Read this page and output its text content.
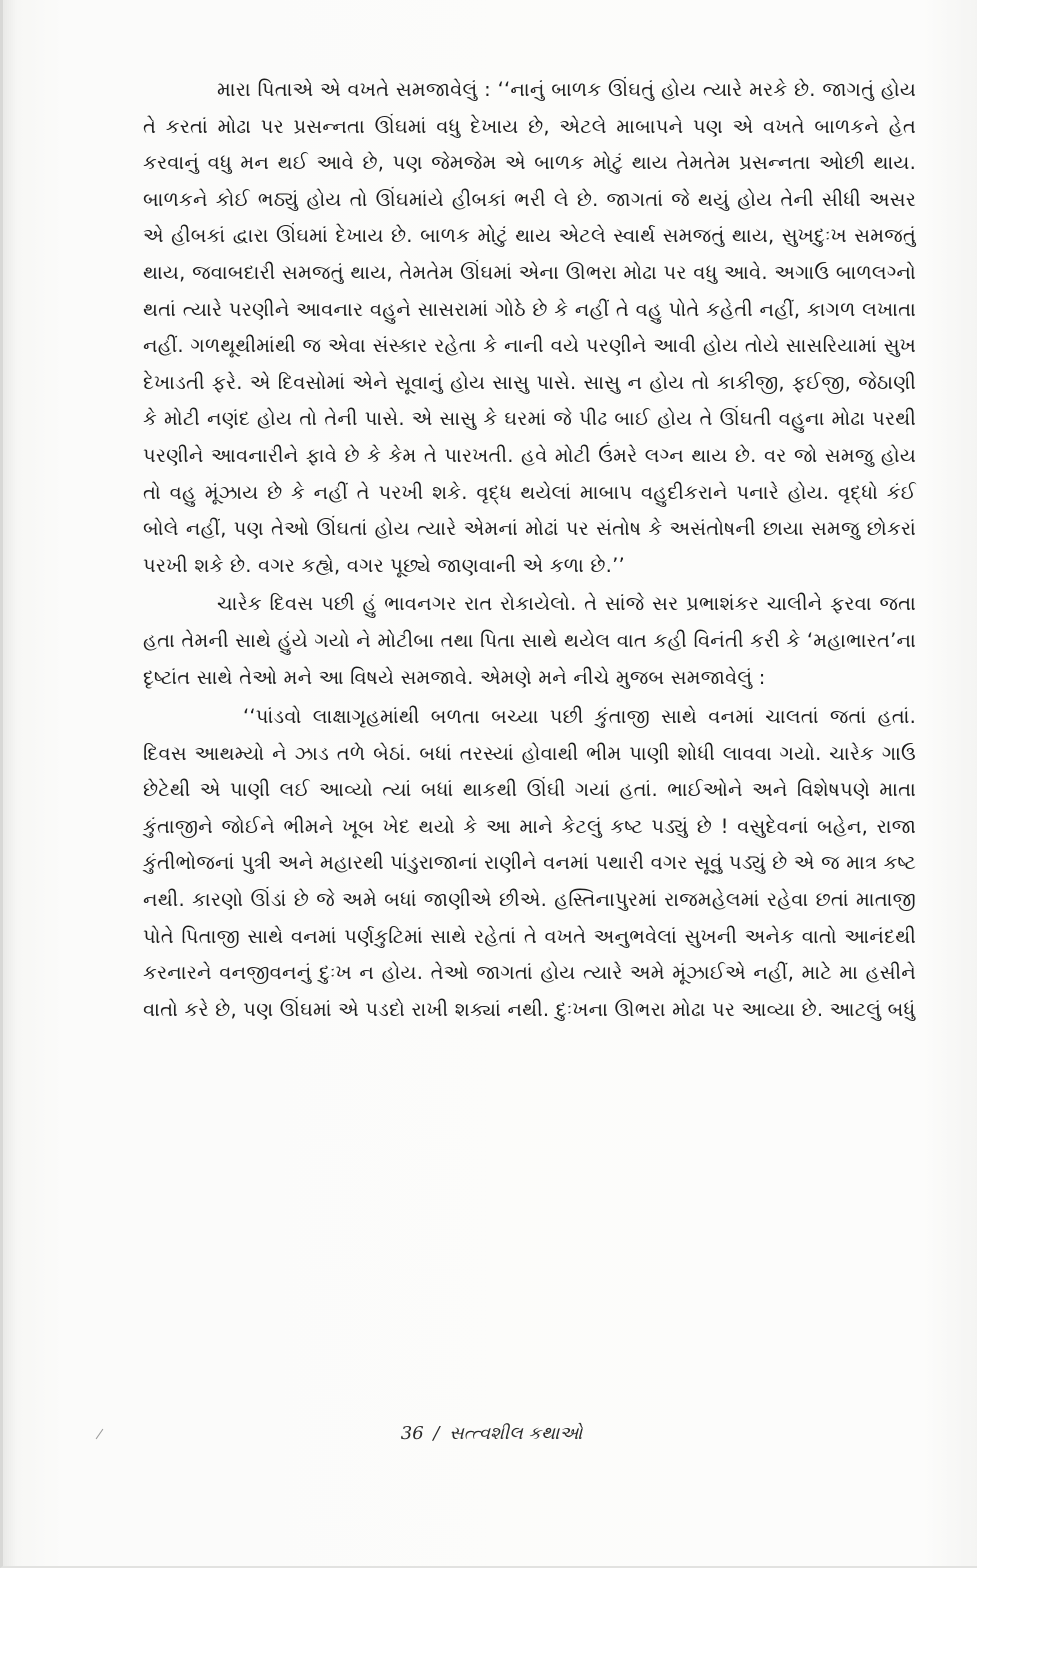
મારા પિતાએ એ વખતે સમજાવેલું : ‘‘નાનું બાળક ઊંઘતું હોય ત્યારે મરકે છે. જાગતું હોય તે કરતાં મોઢા પર પ્રસન્નતા ઊંઘમાં વધુ દેખાય છે, એટલે માબાપને પણ એ વખતે બાળકને હેત કરવાનું વધુ મન થઈ આવે છે, પણ જેમજેમ એ બાળક મોટું થાય તેમતેમ પ્રસન્નતા ઓછી થાય. બાળકને કોઈ ભઠ્યું હોય તો ઊંઘમાંયે હીબકાં ભરી લે છે. જાગતાં જે થયું હોય તેની સીધી અસર એ હીબકાં દ્વારા ઊંઘમાં દેખાય છે. બાળક મોટું થાય એટલે સ્વાર્થ સમજતું થાય, સુખદુઃખ સમજતું થાય, જવાબદારી સમજતું થાય, તેમતેમ ઊંઘમાં એના ઊભરા મોઢા પર વધુ આવે. અગાઉ બાળલગ્નો થતાં ત્યારે પરણીને આવનાર વહુને સાસરામાં ગોઠે છે કે નહીં તે વહુ પોતે કહેતી નહીં, કાગળ લખાતા નહીં. ગળથૂથીમાંથી જ એવા સંસ્કાર રહેતા કે નાની વયે પરણીને આવી હોય તોયે સાસરિયામાં સુખ દેખાડતી ફરે. એ દિવસોમાં એને સૂવાનું હોય સાસુ પાસે. સાસુ ન હોય તો કાકીજી, ફઈજી, જેઠાણી કે મોટી નણંદ હોય તો તેની પાસે. એ સાસુ કે ઘરમાં જે પીઢ બાઈ હોય તે ઊંઘતી વહુના મોઢા પરથી પરણીને આવનારીને ફાવે છે કે કેમ તે પારખતી. હવે મોટી ઉંમરે લગ્ન થાય છે. વર જો સમજુ હોય તો વહુ મૂંઝાય છે કે નહીં તે પરખી શકે. વૃદ્ધ થયેલાં માબાપ વહુદીકરાને પનારે હોય. વૃદ્ધો કંઈ બોલે નહીં, પણ તેઓ ઊંઘતાં હોય ત્યારે એમનાં મોઢાં પર સંતોષ કે અસંતોષની છાયા સમજુ છોકરાં પરખી શકે છે. વગર કહ્યે, વગર પૂછ્યે જાણવાની એ કળા છે.’’

ચારેક દિવસ પછી હું ભાવનગર રાત રોકાયેલો. તે સાંજે સર પ્રભાશંકર ચાલીને ફરવા જતા હતા તેમની સાથે હુંયે ગયો ને મોટીબા તથા પિતા સાથે થયેલ વાત કહી વિનંતી કરી કે ‘મહાભારત’ના દૃષ્ટાંત સાથે તેઓ મને આ વિષયે સમજાવે. એમણે મને નીચે મુજબ સમજાવેલું :

‘‘પાંડવો લાક્ષાગૃહમાંથી બળતા બચ્યા પછી કુંતાજી સાથે વનમાં ચાલતાં જતાં હતાં. દિવસ આથમ્યો ને ઝાડ તળે બેઠાં. બધાં તરસ્યાં હોવાથી ભીમ પાણી શોધી લાવવા ગયો. ચારેક ગાઉ છેટેથી એ પાણી લઈ આવ્યો ત્યાં બધાં થાકથી ઊંઘી ગયાં હતાં. ભાઈઓને અને વિશેષપણે માતા કુંતાજીને જોઈને ભીમને ખૂબ ખેદ થયો કે આ માને કેટલું કષ્ટ પડ્યું છે ! વસુદેવનાં બહેન, રાજા કુંતીભોજનાં પુત્રી અને મહારથી પાંડુરાજાનાં રાણીને વનમાં પથારી વગર સૂવું પડ્યું છે એ જ માત્ર કષ્ટ નથી. કારણો ઊંડાં છે જે અમે બધાં જાણીએ છીએ. હસ્તિનાપુરમાં રાજમહેલમાં રહેવા છતાં માતાજી પોતે પિતાજી સાથે વનમાં પર્ણકુટિમાં સાથે રહેતાં તે વખતે અનુભવેલાં સુખની અનેક વાતો આનંદથી કરનારને વનજીવનનું દુઃખ ન હોય. તેઓ જાગતાં હોય ત્યારે અમે મૂંઝાઈએ નહીં, માટે મા હસીને વાતો કરે છે, પણ ઊંઘમાં એ પડદો રાખી શક્યાં નથી. દુઃખના ઊભરા મોઢા પર આવ્યા છે. આટલું બધું

36 / સત્ત્વશીલ કથાઓ
